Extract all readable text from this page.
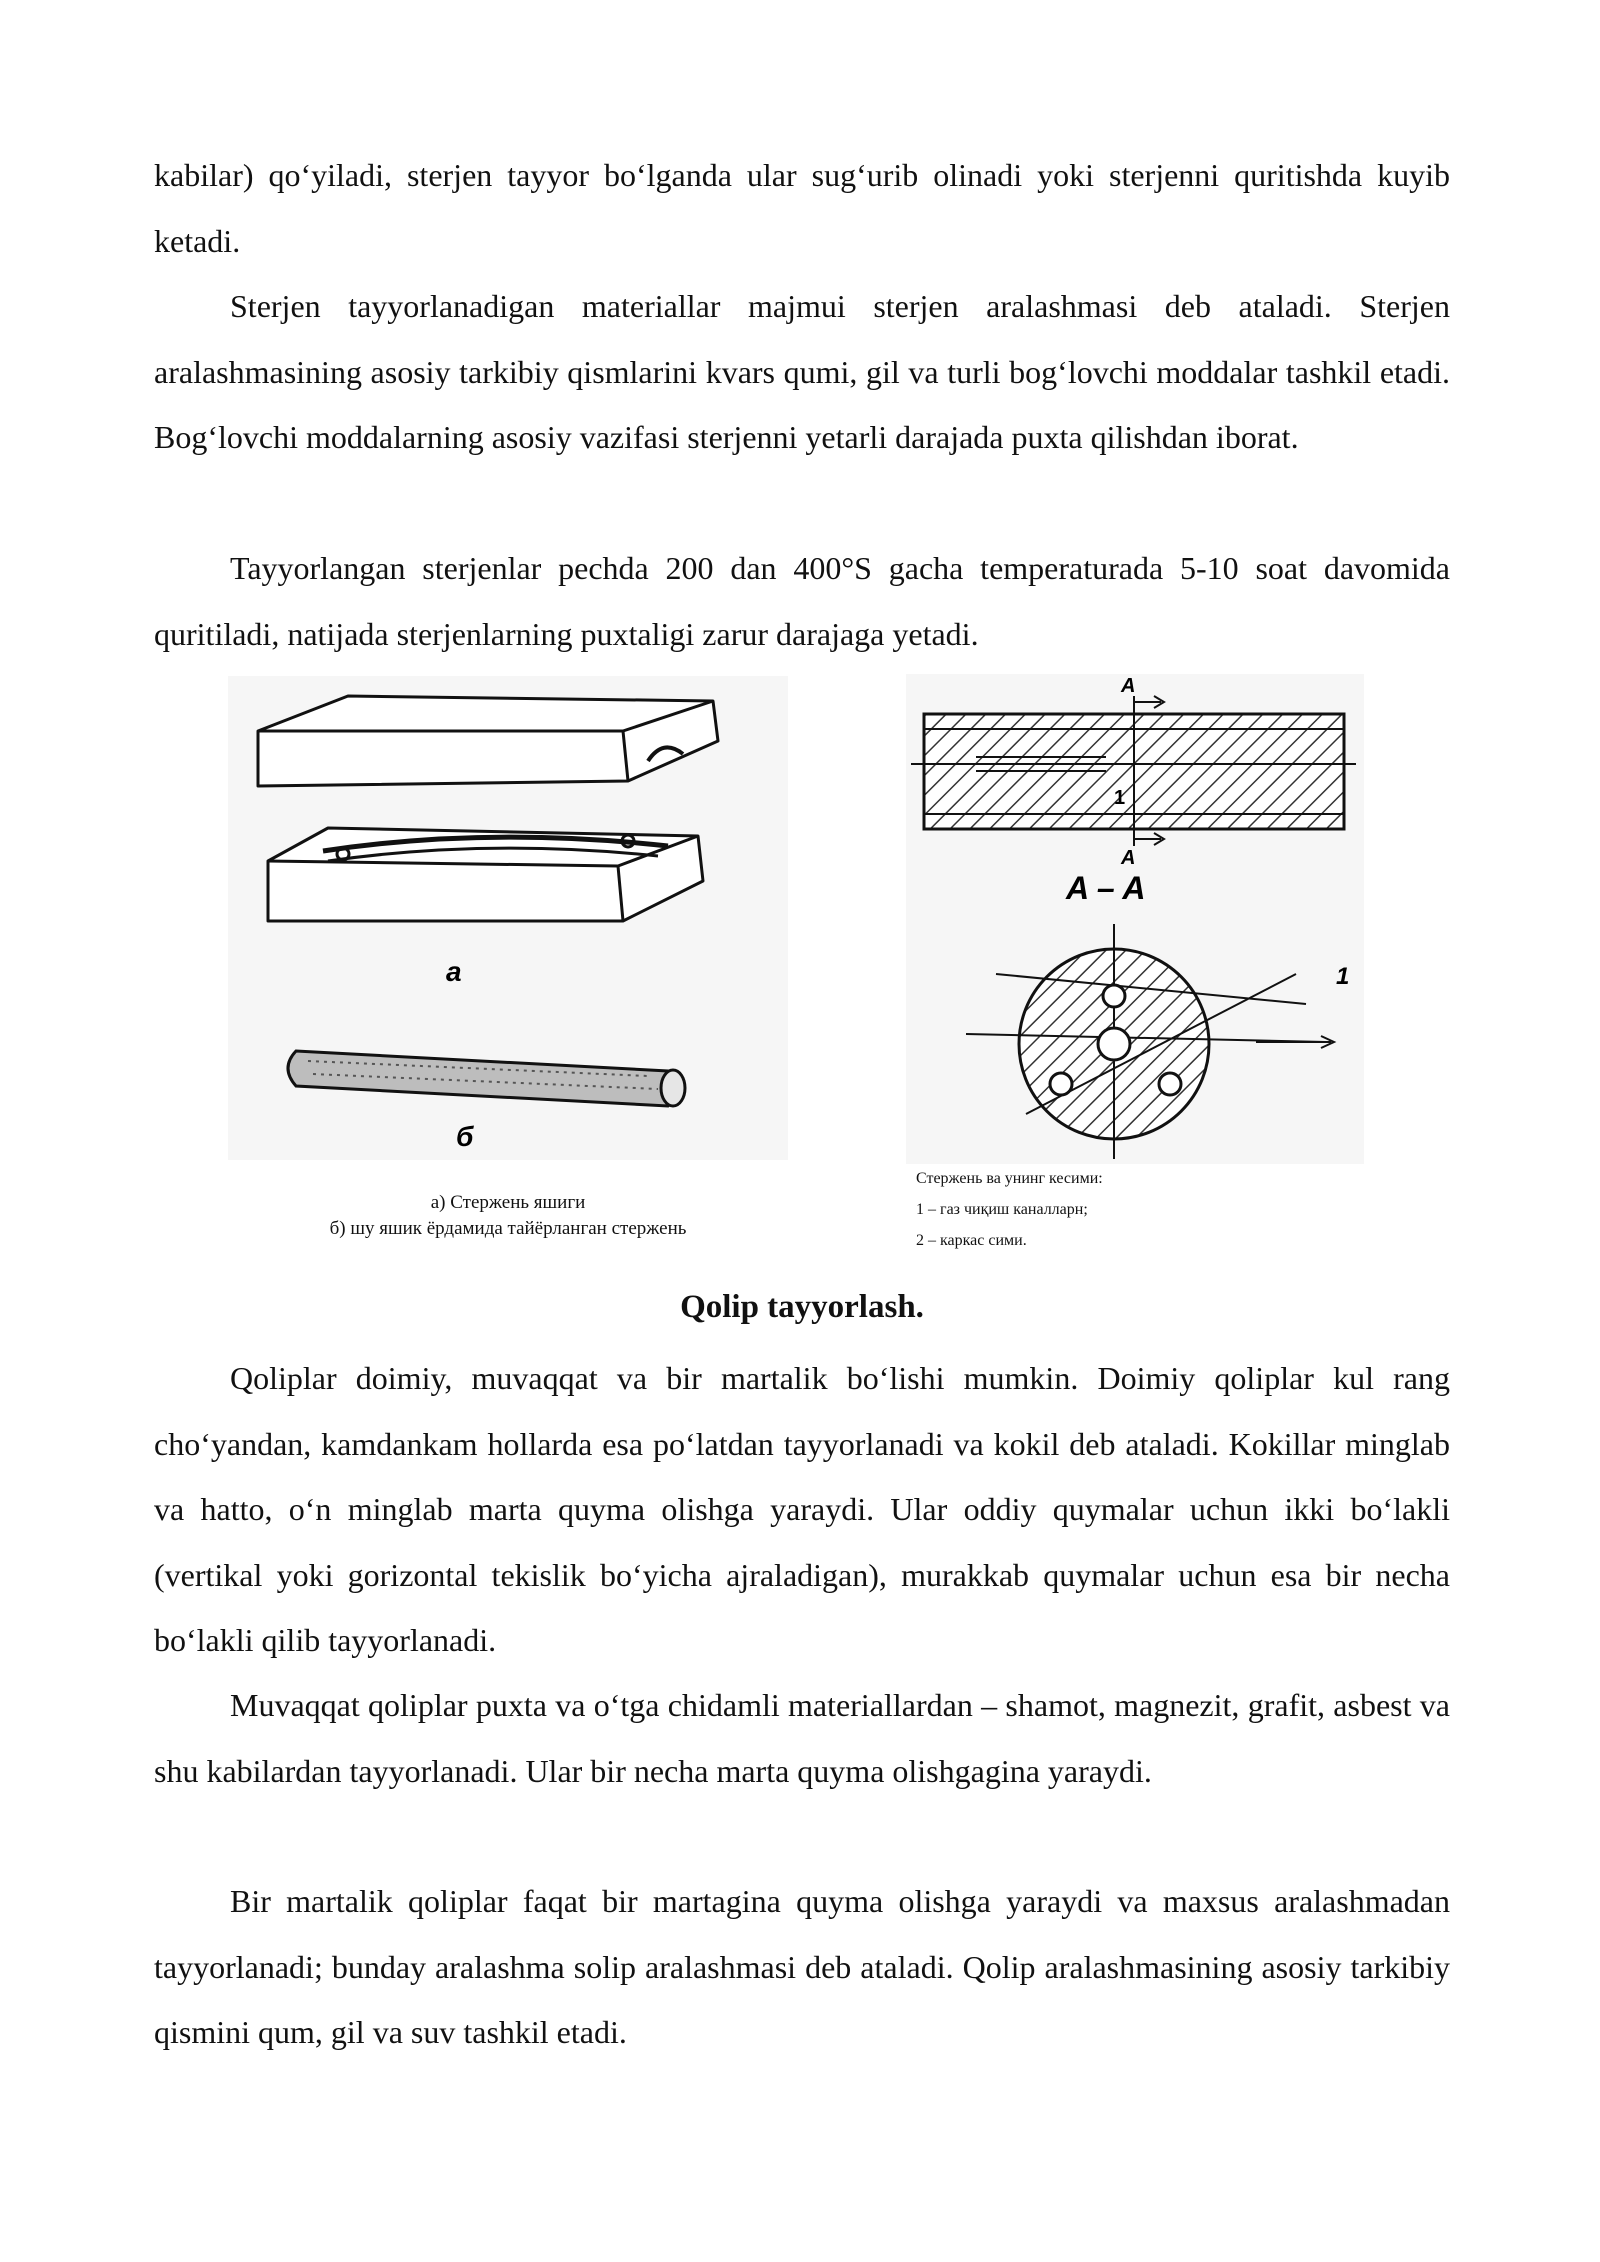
kabilar) qo‘yiladi, sterjen tayyor bo‘lganda ular sug‘urib olinadi yoki sterjenni quritishda kuyib ketadi.

Sterjen tayyorlanadigan materiallar majmui sterjen aralashmasi deb ataladi. Sterjen aralashmasining asosiy tarkibiy qismlarini kvars qumi, gil va turli bog‘lovchi moddalar tashkil etadi. Bog‘lovchi moddalarning asosiy vazifasi sterjenni yetarli darajada puxta qilishdan iborat.

Tayyorlangan sterjenlar pechda 200 dan 400°S gacha temperaturada 5-10 soat davomida quritiladi, natijada sterjenlarning puxtaligi zarur darajaga yetadi.

a
б
а) Стержень яшиги
б) шу яшик ёрдамида тайёрланган стержень
A
1
A
A – A
1
Стержень ва унинг кесими:
1 – газ чиқиш каналларн;
2 – каркас сими.
Qolip tayyorlash.

Qoliplar doimiy, muvaqqat va bir martalik bo‘lishi mumkin. Doimiy qoliplar kul rang cho‘yandan, kamdankam hollarda esa po‘latdan tayyorlanadi va kokil deb ataladi. Kokillar minglab va hatto, o‘n minglab marta quyma olishga yaraydi. Ular oddiy quymalar uchun ikki bo‘lakli (vertikal yoki gorizontal tekislik bo‘yicha ajraladigan), murakkab quymalar uchun esa bir necha bo‘lakli qilib tayyorlanadi.

Muvaqqat qoliplar puxta va o‘tga chidamli materiallardan – shamot, magnezit, grafit, asbest va shu kabilardan tayyorlanadi. Ular bir necha marta quyma olishgagina yaraydi.

Bir martalik qoliplar faqat bir martagina quyma olishga yaraydi va maxsus aralashmadan tayyorlanadi; bunday aralashma solip aralashmasi deb ataladi. Qolip aralashmasining asosiy tarkibiy qismini qum, gil va suv tashkil etadi.
